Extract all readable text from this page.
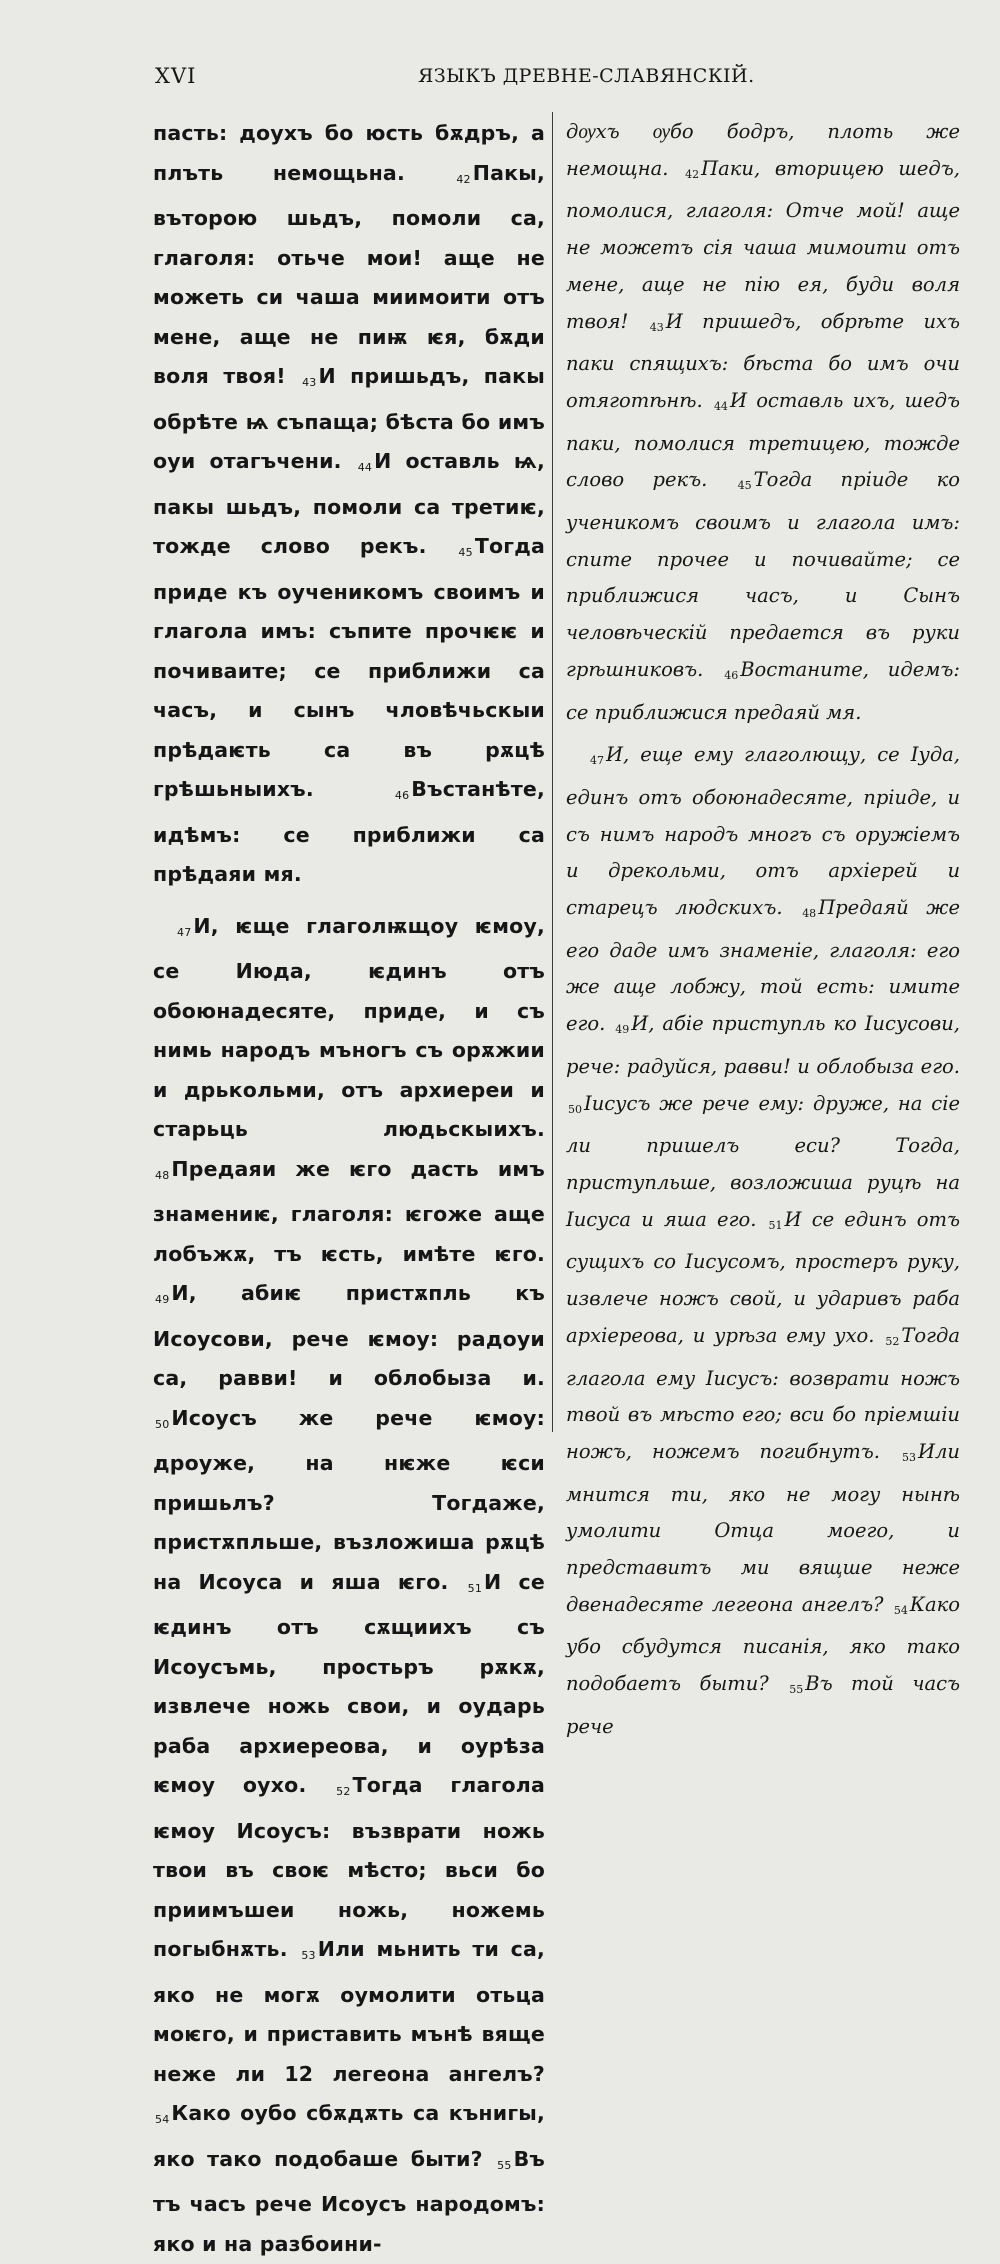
XVI	ЯЗЫКЪ ДРЕВНЕ-СЛАВЯНСКІЙ.

пасть: доухъ бо юсть бѫдръ, а плъть немощьна. 42Пакы, въторою шьдъ, помоли са, глаголя: отьче мои! аще не можеть си чаша миимоити отъ мене, аще не пиѭ ѥя, бѫди воля твоя! 43И пришьдъ, пакы обрѣте ѩ съпаща; бѣста бо имъ оуи отагъчени. 44И оставль ѩ, пакы шьдъ, помоли са третиѥ, тожде слово рекъ. 45Тогда приде къ оученикомъ своимъ и глагола имъ: съпите прочѥѥ и почиваите; се приближи са часъ, и сынъ чловѣчьскыи прѣдаѥть са въ рѫцѣ грѣшьныихъ. 46Въстанѣте, идѣмъ: се приближи са прѣдаяи мя.

47И, ѥще глаголѭщоу ѥмоу, се Июда, ѥдинъ отъ обоюнадесяте, приде, и съ нимь народъ мъногъ съ орѫжии и дрькольми, отъ архиереи и старьць людьскыихъ. 48Предаяи же ѥго дасть имъ знамениѥ, глаголя: ѥгоже аще лобъжѫ, тъ ѥсть, имѣте ѥго. 49И, абиѥ пристѫпль къ Исоусови, рече ѥмоу: радоуи са, равви! и облобыза и. 50Исоусъ же рече ѥмоу: дроуже, на нѥже ѥси пришьлъ? Тогдаже, пристѫпльше, възложиша рѫцѣ на Исоуса и яша ѥго. 51И се ѥдинъ отъ сѫщиихъ съ Исоусъмь, простьръ рѫкѫ, извлече ножь свои, и оударь раба архиереова, и оурѣза ѥмоу оухо. 52Тогда глагола ѥмоу Исоусъ: възврати ножь твои въ своѥ мѣсто; вьси бо приимъшеи ножь, ножемь погыбнѫть. 53Или мьнить ти са, яко не могѫ оумолити отьца моѥго, и приставить мънѣ вяще неже ли 12 легеона ангелъ? 54Како оубо сбѫдѫть са кънигы, яко тако подобаше быти? 55Въ тъ часъ рече Исоусъ народомъ: яко и на разбоини-

дѹхъ ѹбо бодръ, плоть же немощна. 42 Паки, вторицею шедъ, помолися, глаголя: Отче мой! аще не можетъ сія чаша мимоити отъ мене, аще не пію ея, буди воля твоя! 43 И пришедъ, обрѣте ихъ паки спящихъ: бѣста бо имъ очи отяготѣнѣ. 44 И оставль ихъ, шедъ паки, помолися третицею, тожде слово рекъ. 45 Тогда пріиде ко ученикомъ своимъ и глагола имъ: спите прочее и почивайте; се приближися часъ, и Сынъ человѣческій предается въ руки грѣшниковъ. 46 Востаните, идемъ: се приближися предаяй мя.

47 И, еще ему глаголющу, се Іуда, единъ отъ обоюнадесяте, пріиде, и съ нимъ народъ многъ съ оружіемъ и дрекольми, отъ архіерей и старецъ людскихъ. 48 Предаяй же его даде имъ знаменіе, глаголя: его же аще лобжу, той есть: имите его. 49 И, абіе приступль ко Іисусови, рече: радуйся, равви! и облобыза его. 50 Іисусъ же рече ему: друже, на сіе ли пришелъ еси? Тогда, приступльше, возложиша руцѣ на Іисуса и яша его. 51 И се единъ отъ сущихъ со Іисусомъ, простеръ руку, извлече ножъ свой, и ударивъ раба архіереова, и урѣза ему ухо. 52 Тогда глагола ему Іисусъ: возврати ножъ твой въ мѣсто его; вси бо пріемшіи ножъ, ножемъ погибнутъ. 53 Или мнится ти, яко не могу нынѣ умолити Отца моего, и представитъ ми вящше неже двенадесяте легеона ангелъ? 54 Како убо сбудутся писанія, яко тако подобаетъ быти? 55 Въ той часъ рече
